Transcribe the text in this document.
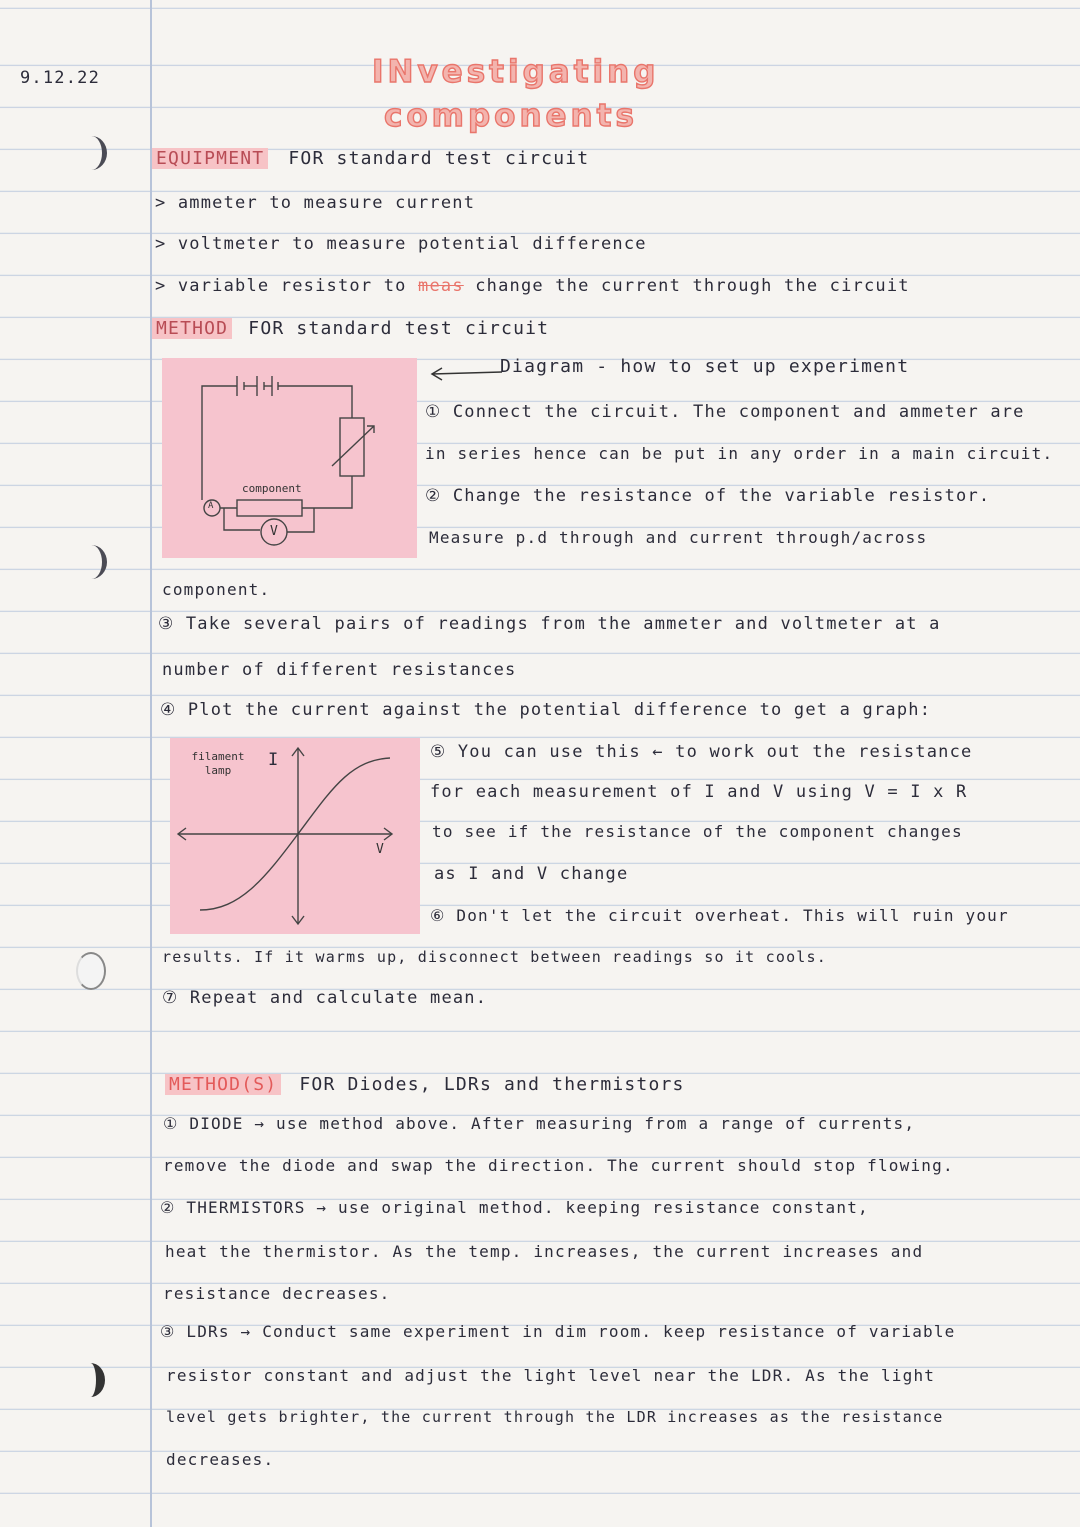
9.12.22	INvestigating
components
EQUIPMENT FOR standard test circuit
> ammeter to measure current
> voltmeter to measure potential difference
> variable resistor to meas change the current through the circuit
METHOD FOR standard test circuit
component
A
V
Diagram - how to set up experiment
① Connect the circuit. The component and ammeter are
in series hence can be put in any order in a main circuit.
② Change the resistance of the variable resistor.
Measure p.d through and current through/across
component.
③ Take several pairs of readings from the ammeter and voltmeter at a
number of different resistances
④ Plot the current against the potential difference to get a graph:
filament lamp
I
V
⑤ You can use this ← to work out the resistance
for each measurement of I and V using V = I x R
to see if the resistance of the component changes
as I and V change
⑥ Don't let the circuit overheat. This will ruin your
results. If it warms up, disconnect between readings so it cools.
⑦ Repeat and calculate mean.
METHOD(S) FOR Diodes, LDRs and thermistors
① DIODE → use method above. After measuring from a range of currents,
remove the diode and swap the direction. The current should stop flowing.
② THERMISTORS → use original method. keeping resistance constant,
heat the thermistor. As the temp. increases, the current increases and
resistance decreases.
③ LDRs → Conduct same experiment in dim room. keep resistance of variable
resistor constant and adjust the light level near the LDR. As the light
level gets brighter, the current through the LDR increases as the resistance
decreases.
